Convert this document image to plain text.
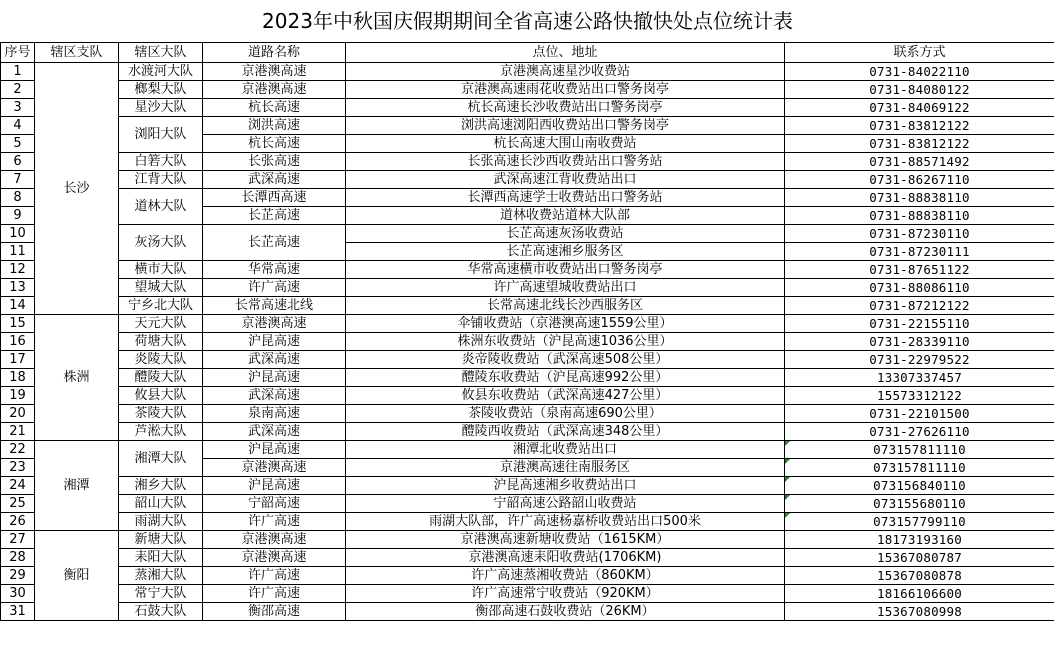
2023年中秋国庆假期期间全省高速公路快撤快处点位统计表					
序号	辖区支队	辖区大队	道路名称	点位、地址	联系方式
1	长沙	水渡河大队	京港澳高速	京港澳高速星沙收费站	0731-84022110
2		榔梨大队	京港澳高速	京港澳高速雨花收费站出口警务岗亭	0731-84080122
3		星沙大队	杭长高速	杭长高速长沙收费站出口警务岗亭	0731-84069122
4		浏阳大队	浏洪高速	浏洪高速浏阳西收费站出口警务岗亭	0731-83812122
5			杭长高速	杭长高速大围山南收费站	0731-83812122
6		白箬大队	长张高速	长张高速长沙西收费站出口警务站	0731-88571492
7		江背大队	武深高速	武深高速江背收费站出口	0731-86267110
8		道林大队	长潭西高速	长潭西高速学士收费站出口警务站	0731-88838110
9			长芷高速	道林收费站道林大队部	0731-88838110
10		灰汤大队	长芷高速	长芷高速灰汤收费站	0731-87230110
11				长芷高速湘乡服务区	0731-87230111
12		横市大队	华常高速	华常高速横市收费站出口警务岗亭	0731-87651122
13		望城大队	许广高速	许广高速望城收费站出口	0731-88086110
14		宁乡北大队	长常高速北线	长常高速北线长沙西服务区	0731-87212122
15	株洲	天元大队	京港澳高速	伞铺收费站（京港澳高速1559公里）	0731-22155110
16		荷塘大队	沪昆高速	株洲东收费站（沪昆高速1036公里）	0731-28339110
17		炎陵大队	武深高速	炎帝陵收费站（武深高速508公里）	0731-22979522
18		醴陵大队	沪昆高速	醴陵东收费站（沪昆高速992公里）	13307337457
19		攸县大队	武深高速	攸县东收费站（武深高速427公里）	15573312122
20		茶陵大队	泉南高速	茶陵收费站（泉南高速690公里）	0731-22101500
21		芦淞大队	武深高速	醴陵西收费站（武深高速348公里）	0731-27626110
22	湘潭	湘潭大队	沪昆高速	湘潭北收费站出口	073157811110
23			京港澳高速	京港澳高速往南服务区	073157811110
24		湘乡大队	沪昆高速	沪昆高速湘乡收费站出口	073156840110
25		韶山大队	宁韶高速	宁韶高速公路韶山收费站	073155680110
26		雨湖大队	许广高速	雨湖大队部，许广高速杨嘉桥收费站出口500米	073157799110
27	衡阳	新塘大队	京港澳高速	京港澳高速新塘收费站（1615KM）	18173193160
28		耒阳大队	京港澳高速	京港澳高速耒阳收费站(1706KM)	15367080787
29		蒸湘大队	许广高速	许广高速蒸湘收费站（860KM）	15367080878
30		常宁大队	许广高速	许广高速常宁收费站（920KM）	18166106600
31		石鼓大队	衡邵高速	衡邵高速石鼓收费站（26KM）	15367080998
